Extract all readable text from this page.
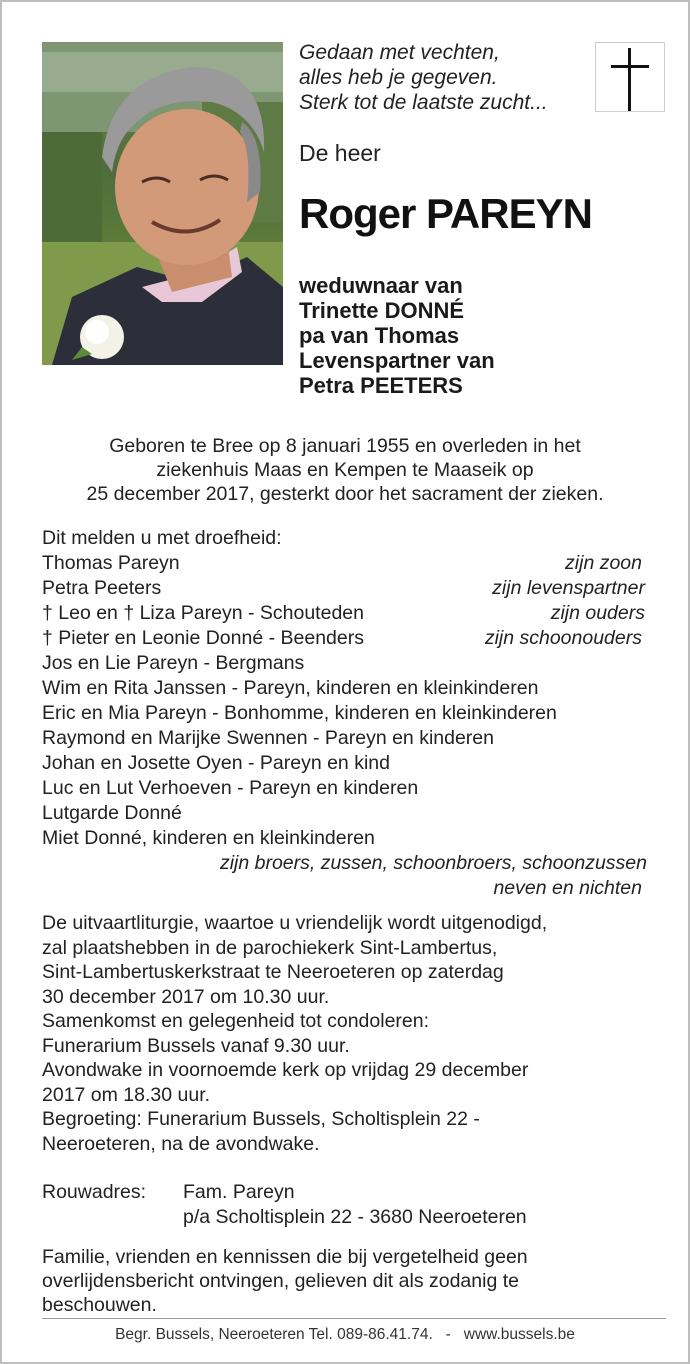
Gedaan met vechten,
alles heb je gegeven.
Sterk tot de laatste zucht...
De heer
Roger PAREYN
weduwnaar van
Trinette DONNÉ
pa van Thomas
Levenspartner van
Petra PEETERS
Geboren te Bree op 8 januari 1955 en overleden in het
ziekenhuis Maas en Kempen te Maaseik op
25 december 2017, gesterkt door het sacrament der zieken.
Dit melden u met droefheid:
Thomas Pareyn	zijn zoon
Petra Peeters	zijn levenspartner
† Leo en † Liza Pareyn - Schouteden	zijn ouders
† Pieter en Leonie Donné - Beenders	zijn schoonouders
Jos en Lie Pareyn - Bergmans
Wim en Rita Janssen - Pareyn, kinderen en kleinkinderen
Eric en Mia Pareyn - Bonhomme, kinderen en kleinkinderen
Raymond en Marijke Swennen - Pareyn en kinderen
Johan en Josette Oyen - Pareyn en kind
Luc en Lut Verhoeven - Pareyn en kinderen
Lutgarde Donné
Miet Donné, kinderen en kleinkinderen
zijn broers, zussen, schoonbroers, schoonzussen
neven en nichten
De uitvaartliturgie, waartoe u vriendelijk wordt uitgenodigd,
zal plaatshebben in de parochiekerk Sint-Lambertus,
Sint-Lambertuskerkstraat te Neeroeteren op zaterdag
30 december 2017 om 10.30 uur.
Samenkomst en gelegenheid tot condoleren:
Funerarium Bussels vanaf 9.30 uur.
Avondwake in voornoemde kerk op vrijdag 29 december
2017 om 18.30 uur.
Begroeting: Funerarium Bussels, Scholtisplein 22 -
Neeroeteren, na de avondwake.
Rouwadres: Fam. Pareyn
p/a Scholtisplein 22 - 3680 Neeroeteren
Familie, vrienden en kennissen die bij vergetelheid geen
overlijdensbericht ontvingen, gelieven dit als zodanig te
beschouwen.
Begr. Bussels, Neeroeteren Tel. 089-86.41.74.   -   www.bussels.be
